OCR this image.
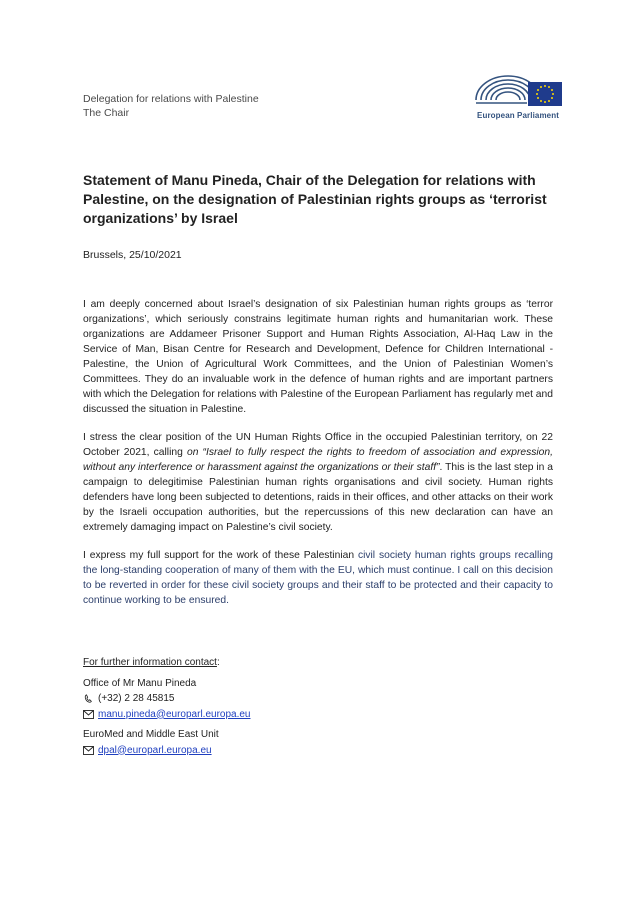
Delegation for relations with Palestine
The Chair	European Parliament
Statement of Manu Pineda, Chair of the Delegation for relations with Palestine, on the designation of Palestinian rights groups as ‘terrorist organizations’ by Israel
Brussels, 25/10/2021

I am deeply concerned about Israel’s designation of six Palestinian human rights groups as ‘terror organizations’, which seriously constrains legitimate human rights and humanitarian work. These organizations are Addameer Prisoner Support and Human Rights Association, Al-Haq Law in the Service of Man, Bisan Centre for Research and Development, Defence for Children International - Palestine, the Union of Agricultural Work Committees, and the Union of Palestinian Women’s Committees. They do an invaluable work in the defence of human rights and are important partners with which the Delegation for relations with Palestine of the European Parliament has regularly met and discussed the situation in Palestine.

I stress the clear position of the UN Human Rights Office in the occupied Palestinian territory, on 22 October 2021, calling on “Israel to fully respect the rights to freedom of association and expression, without any interference or harassment against the organizations or their staff”. This is the last step in a campaign to delegitimise Palestinian human rights organisations and civil society. Human rights defenders have long been subjected to detentions, raids in their offices, and other attacks on their work by the Israeli occupation authorities, but the repercussions of this new declaration can have an extremely damaging impact on Palestine’s civil society.

I express my full support for the work of these Palestinian civil society human rights groups recalling the long-standing cooperation of many of them with the EU, which must continue. I call on this decision to be reverted in order for these civil society groups and their staff to be protected and their capacity to continue working to be ensured.

For further information contact :
Office of Mr Manu Pineda
(+32) 2 28 45815
manu.pineda@europarl.europa.eu
EuroMed and Middle East Unit
dpal@europarl.europa.eu
